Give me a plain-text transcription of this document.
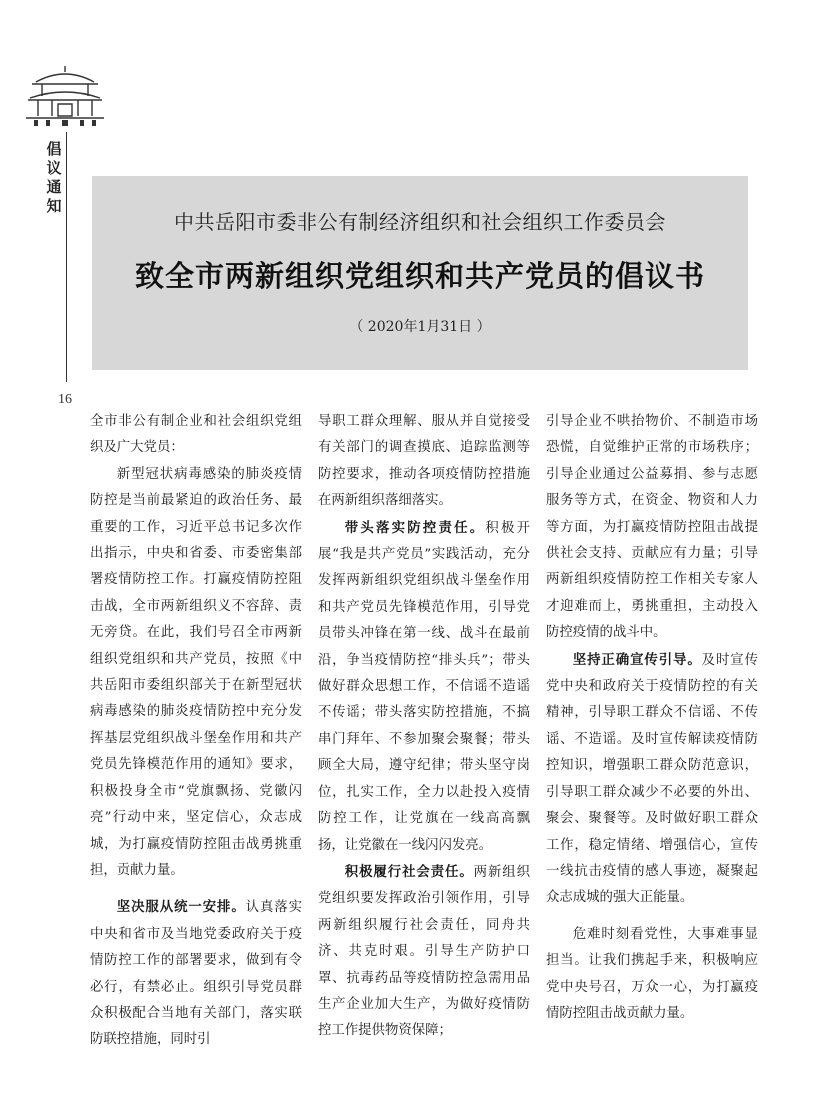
倡议通知
16
中共岳阳市委非公有制经济组织和社会组织工作委员会
致全市两新组织党组织和共产党员的倡议书
（ 2020年1月31日 ）

全市非公有制企业和社会组织党组织及广大党员：

新型冠状病毒感染的肺炎疫情防控是当前最紧迫的政治任务、最重要的工作，习近平总书记多次作出指示，中央和省委、市委密集部署疫情防控工作。打赢疫情防控阻击战，全市两新组织义不容辞、责无旁贷。在此，我们号召全市两新组织党组织和共产党员，按照《中共岳阳市委组织部关于在新型冠状病毒感染的肺炎疫情防控中充分发挥基层党组织战斗堡垒作用和共产党员先锋模范作用的通知》要求，积极投身全市“党旗飘扬、党徽闪亮”行动中来，坚定信心，众志成城，为打赢疫情防控阻击战勇挑重担，贡献力量。

坚决服从统一安排。认真落实中央和省市及当地党委政府关于疫情防控工作的部署要求，做到有令必行，有禁必止。组织引导党员群众积极配合当地有关部门，落实联防联控措施，同时引

导职工群众理解、服从并自觉接受有关部门的调查摸底、追踪监测等防控要求，推动各项疫情防控措施在两新组织落细落实。

带头落实防控责任。积极开展“我是共产党员”实践活动，充分发挥两新组织党组织战斗堡垒作用和共产党员先锋模范作用，引导党员带头冲锋在第一线、战斗在最前沿，争当疫情防控“排头兵”；带头做好群众思想工作，不信谣不造谣不传谣；带头落实防控措施，不搞串门拜年、不参加聚会聚餐；带头顾全大局，遵守纪律；带头坚守岗位，扎实工作，全力以赴投入疫情防控工作，让党旗在一线高高飘扬，让党徽在一线闪闪发亮。

积极履行社会责任。两新组织党组织要发挥政治引领作用，引导两新组织履行社会责任，同舟共济、共克时艰。引导生产防护口罩、抗毒药品等疫情防控急需用品生产企业加大生产，为做好疫情防控工作提供物资保障；

引导企业不哄抬物价、不制造市场恐慌，自觉维护正常的市场秩序；引导企业通过公益募捐、参与志愿服务等方式，在资金、物资和人力等方面，为打赢疫情防控阻击战提供社会支持、贡献应有力量；引导两新组织疫情防控工作相关专家人才迎难而上，勇挑重担，主动投入防控疫情的战斗中。

坚持正确宣传引导。及时宣传党中央和政府关于疫情防控的有关精神，引导职工群众不信谣、不传谣、不造谣。及时宣传解读疫情防控知识，增强职工群众防范意识，引导职工群众减少不必要的外出、聚会、聚餐等。及时做好职工群众工作，稳定情绪、增强信心，宣传一线抗击疫情的感人事迹，凝聚起众志成城的强大正能量。

危难时刻看党性，大事难事显担当。让我们携起手来，积极响应党中央号召，万众一心，为打赢疫情防控阻击战贡献力量。
